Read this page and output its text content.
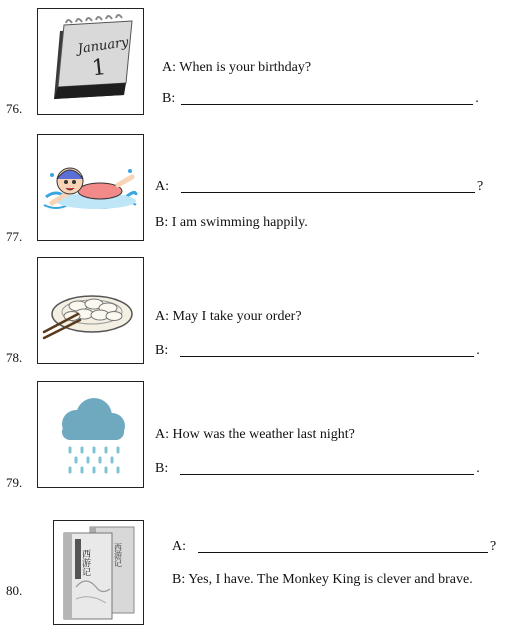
76.
January
1	A: When is your birthday?
B:	.
77.
A:	?
B: I am swimming happily.
78.
A: May I take your order?
B:	.
79.
A: How was the weather last night?
B:	.
80.
西游记	西游记	A:	?
B: Yes, I have. The Monkey King is clever and brave.
